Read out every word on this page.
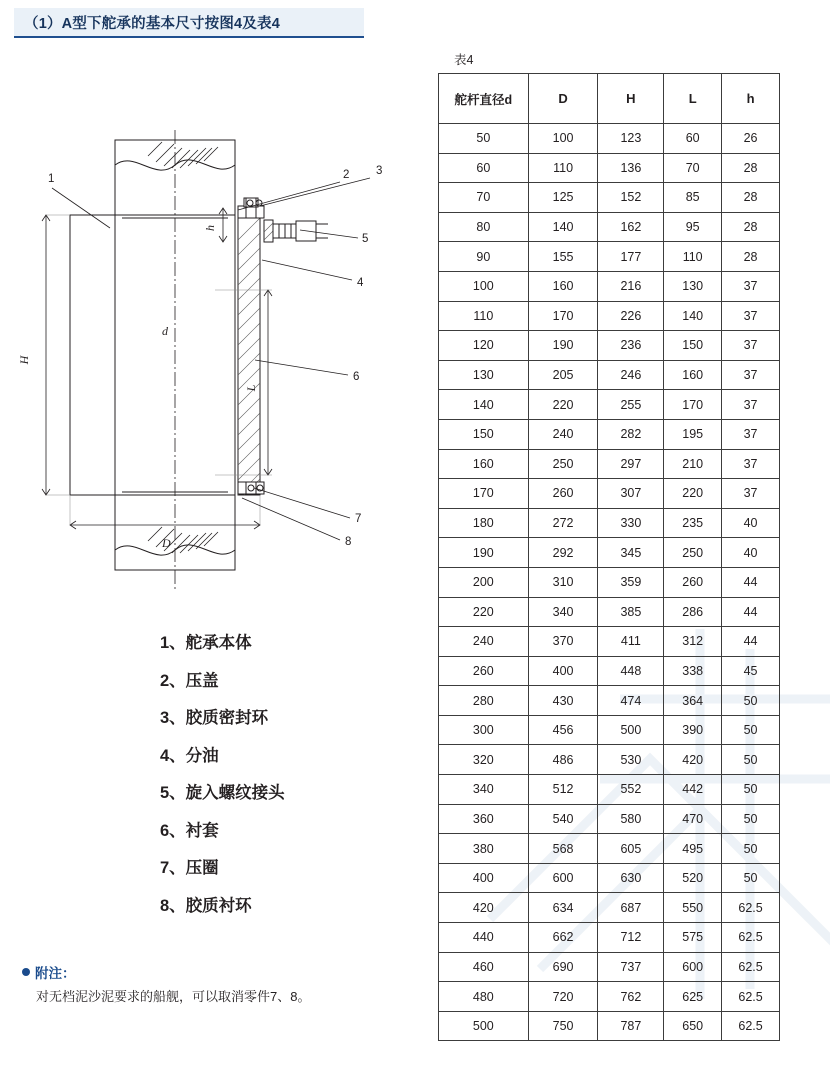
（1）A型下舵承的基本尺寸按图4及表4
H
d
L
D
h
1	2 3
4
5
6
7
8
1、舵承本体
2、压盖
3、胶质密封环
4、分油
5、旋入螺纹接头
6、衬套
7、压圈
8、胶质衬环
附注：
对无档泥沙泥要求的船舰，可以取消零件7、8。
表4
舵杆直径d	D	H	L	h
50	100	123	60	26
60	110	136	70	28
70	125	152	85	28
80	140	162	95	28
90	155	177	110	28
100	160	216	130	37
110	170	226	140	37
120	190	236	150	37
130	205	246	160	37
140	220	255	170	37
150	240	282	195	37
160	250	297	210	37
170	260	307	220	37
180	272	330	235	40
190	292	345	250	40
200	310	359	260	44
220	340	385	286	44
240	370	411	312	44
260	400	448	338	45
280	430	474	364	50
300	456	500	390	50
320	486	530	420	50
340	512	552	442	50
360	540	580	470	50
380	568	605	495	50
400	600	630	520	50
420	634	687	550	62.5
440	662	712	575	62.5
460	690	737	600	62.5
480	720	762	625	62.5
500	750	787	650	62.5
